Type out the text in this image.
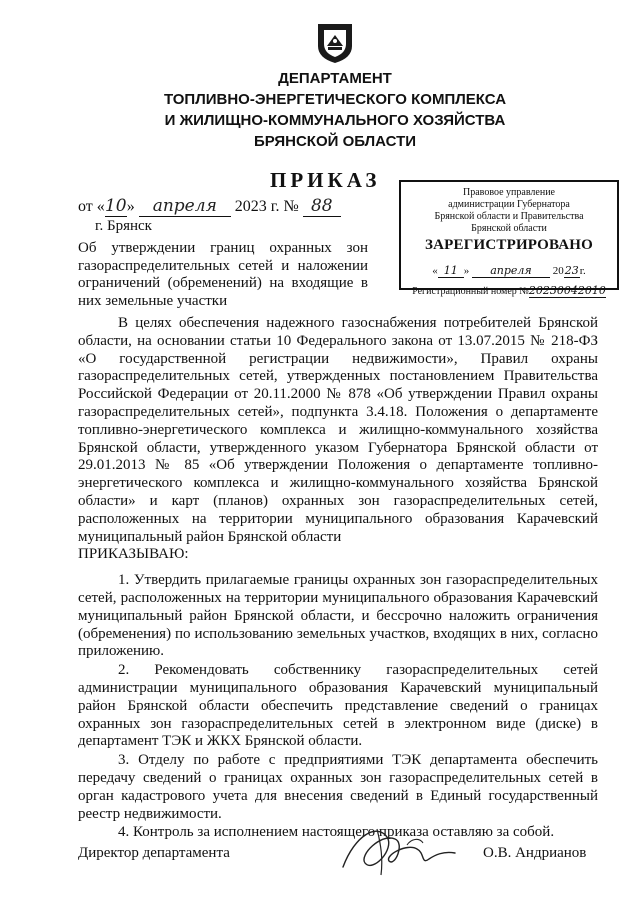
ДЕПАРТАМЕНТ
ТОПЛИВНО-ЭНЕРГЕТИЧЕСКОГО КОМПЛЕКСА
И ЖИЛИЩНО-КОММУНАЛЬНОГО ХОЗЯЙСТВА
БРЯНСКОЙ ОБЛАСТИ
ПРИКАЗ
от «10» апреля 2023 г. № 88
г. Брянск
Правовое управление
администрации Губернатора
Брянской области и Правительства
Брянской области
ЗАРЕГИСТРИРОВАНО
« 11 » апреля 2023г.
Регистрационный номер №20230042010
Об утверждении границ охранных зон газораспределительных сетей и наложении ограничений (обременений) на входящие в них земельные участки

В целях обеспечения надежного газоснабжения потребителей Брянской области, на основании статьи 10 Федерального закона от 13.07.2015 № 218-ФЗ «О государственной регистрации недвижимости», Правил охраны газораспределительных сетей, утвержденных постановлением Правительства Российской Федерации от 20.11.2000 № 878 «Об утверждении Правил охраны газораспределительных сетей», подпункта 3.4.18. Положения о департаменте топливно-энергетического комплекса и жилищно-коммунального хозяйства Брянской области, утвержденного указом Губернатора Брянской области от 29.01.2013 № 85 «Об утверждении Положения о департаменте топливно-энергетического комплекса и жилищно-коммунального хозяйства Брянской области» и карт (планов) охранных зон газораспределительных сетей, расположенных на территории муниципального образования Карачевский муниципальный район Брянской области

ПРИКАЗЫВАЮ:

1. Утвердить прилагаемые границы охранных зон газораспределительных сетей, расположенных на территории муниципального образования Карачевский муниципальный район Брянской области, и бессрочно наложить ограничения (обременения) по использованию земельных участков, входящих в них, согласно приложению.

2. Рекомендовать собственнику газораспределительных сетей администрации муниципального образования Карачевский муниципальный район Брянской области обеспечить представление сведений о границах охранных зон газораспределительных сетей в электронном виде (диске) в департамент ТЭК и ЖКХ Брянской области.

3. Отделу по работе с предприятиями ТЭК департамента обеспечить передачу сведений о границах охранных зон газораспределительных сетей в орган кадастрового учета для внесения сведений в Единый государственный реестр недвижимости.

4. Контроль за исполнением настоящего приказа оставляю за собой.

Директор департамента	О.В. Андрианов
